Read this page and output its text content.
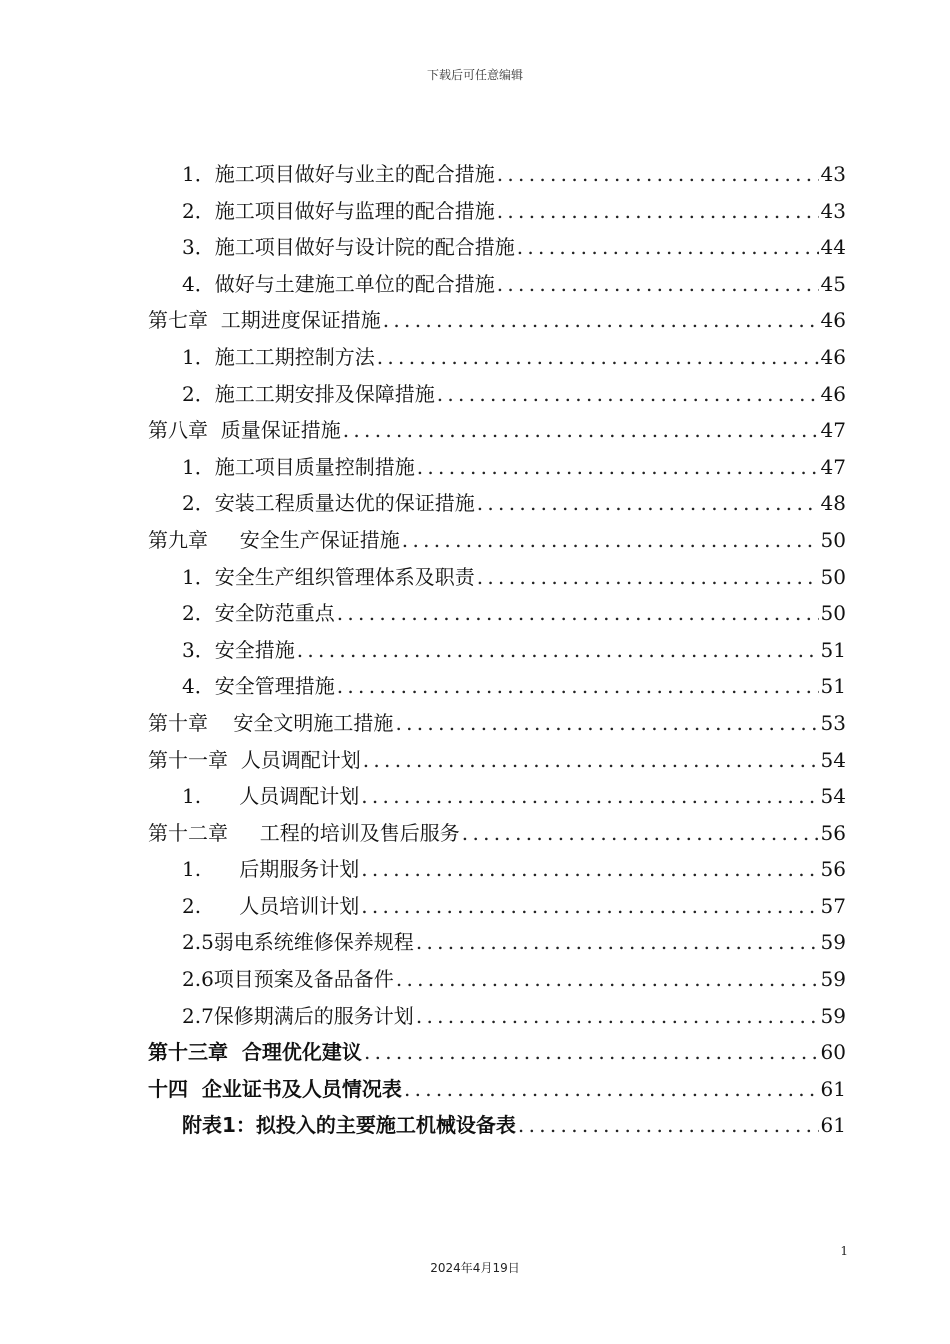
下载后可任意编辑
1．施工项目做好与业主的配合措施 .....	43
2．施工项目做好与监理的配合措施 .....	43
3．施工项目做好与设计院的配合措施 .....	44
4．做好与土建施工单位的配合措施 .....	45
第七章  工期进度保证措施 .....	46
1．施工工期控制方法 .....	46
2．施工工期安排及保障措施 .....	46
第八章  质量保证措施 .....	47
1．施工项目质量控制措施 .....	47
2．安装工程质量达优的保证措施 .....	48
第九章     安全生产保证措施 .....	50
1．安全生产组织管理体系及职责 .....	50
2．安全防范重点 .....	50
3．安全措施 .....	51
4．安全管理措施 .....	51
第十章    安全文明施工措施 .....	53
第十一章  人员调配计划 .....	54
1.      人员调配计划 .....	54
第十二章     工程的培训及售后服务 .....	56
1.      后期服务计划 .....	56
2.      人员培训计划 .....	57
2.5弱电系统维修保养规程 .....	59
2.6项目预案及备品备件 .....	59
2.7保修期满后的服务计划 .....	59
第十三章  合理优化建议 .....	60
十四  企业证书及人员情况表 .....	61
附表1：拟投入的主要施工机械设备表 .....	61
1
2024年4月19日
